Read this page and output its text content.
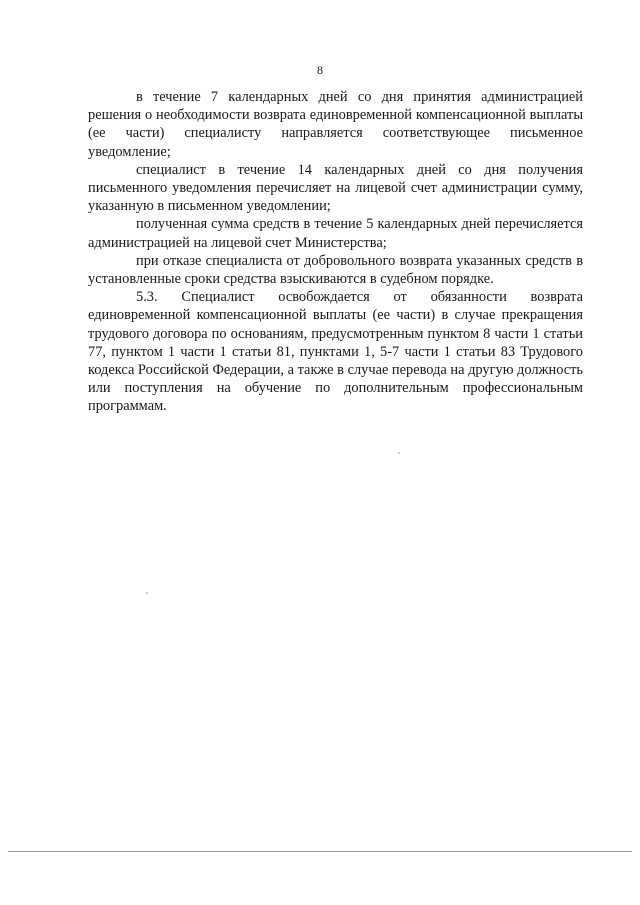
8

в течение 7 календарных дней со дня принятия администрацией решения о необходимости возврата единовременной компенсационной выплаты (ее части) специалисту направляется соответствующее письменное уведомление;

специалист в течение 14 календарных дней со дня получения письменного уведомления перечисляет на лицевой счет администрации сумму, указанную в письменном уведомлении;

полученная сумма средств в течение 5 календарных дней перечисляется администрацией на лицевой счет Министерства;

при отказе специалиста от добровольного возврата указанных средств в установленные сроки средства взыскиваются в судебном порядке.

5.3. Специалист освобождается от обязанности возврата единовременной компенсационной выплаты (ее части) в случае прекращения трудового договора по основаниям, предусмотренным пунктом 8 части 1 статьи 77, пунктом 1 части 1 статьи 81, пунктами 1, 5-7 части 1 статьи 83 Трудового кодекса Российской Федерации, а также в случае перевода на другую должность или поступления на обучение по дополнительным профессиональным программам.
